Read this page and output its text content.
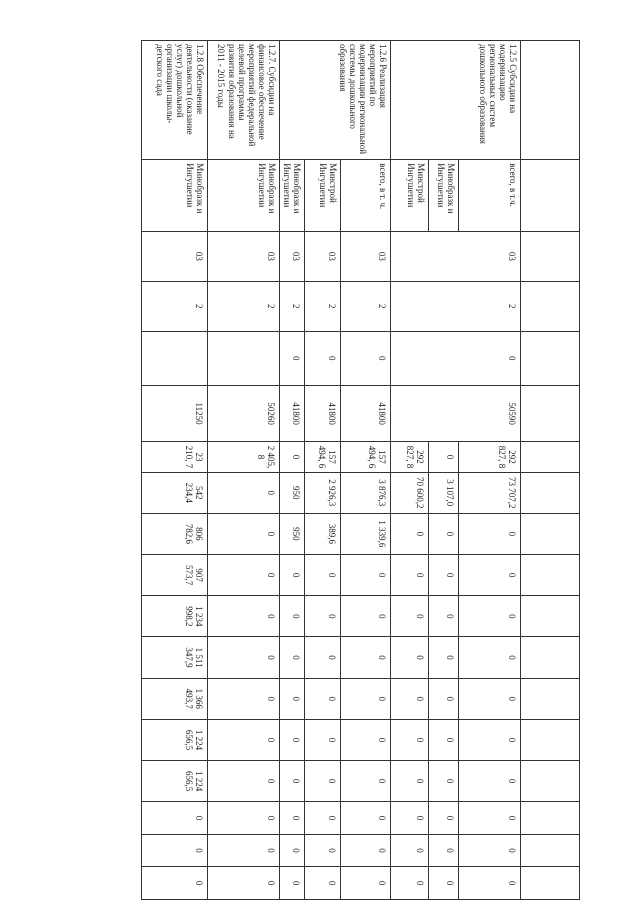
1.2.5 Субсидии на модернизацию региональных систем дошкольного образования	всего, в т.ч.	03	2	0	50590	292 827, 8	73 707,2	0	0	0	0	0	0	0	0	0	0
	Минобразк и Ингушетии					0	3 107,0	0	0	0	0	0	0	0	0	0	0
	Минстрой Ингушетии					292 827, 8	70 600,2	0	0	0	0	0	0	0	0	0	0
1.2.6 Реализация мероприятий по модернизации региональной системы дошкольного образования	всего, в т. ч.	03	2	0	41800	157 494, 6	3 876,3	1 339,6	0	0	0	0	0	0	0	0	0
	Минстрой Ингушетии	03	2	0	41800	157 494, 6	2 926,3	389,6	0	0	0	0	0	0	0	0	0
	Минобразк и Ингушетии	03	2	0	41800	0	950	950	0	0	0	0	0	0	0	0	0
1.2.7. Субсидии на финансовое обеспечение мероприятий федеральной целевой программы развития образования на 2011 - 2015 годы	Минобразк и Ингушетии	03	2		50260	2 405, 8	0	0	0	0	0	0	0	0	0	0	0
1.2.8 Обеспечение деятельности (оказание услуг) дошкольной организации школы-детского сада	Минобразк и Ингушетии	03	2		11250	23 210, 7	542 234,4	806 782,6	907 573,7	1 234 998,2	1 511 347,9	1 366 493,7	1 224 656,5	1 224 656,5	0	0	0
